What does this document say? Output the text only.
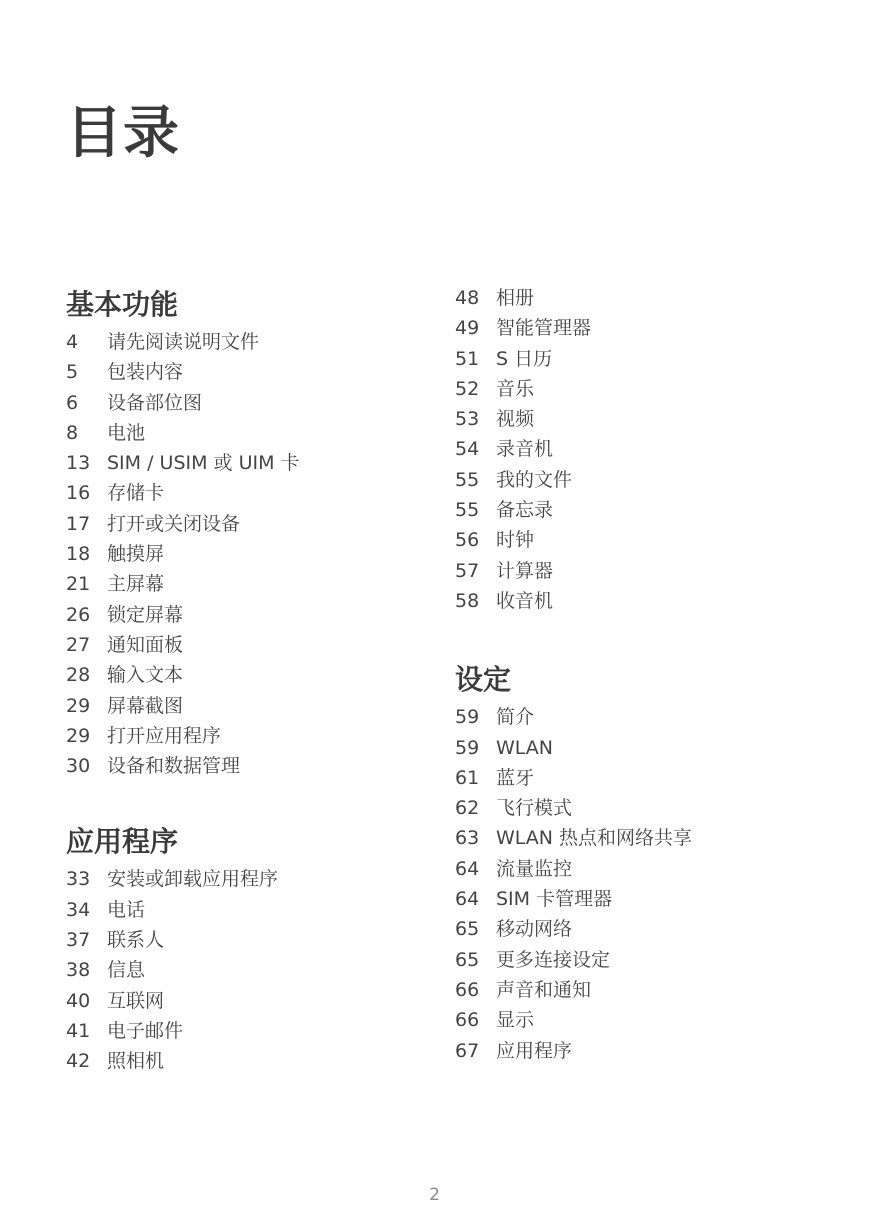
目录
基本功能
4	请先阅读说明文件
5	包装内容
6	设备部位图
8	电池
13 SIM / USIM 或 UIM 卡
16 存储卡
17 打开或关闭设备
18 触摸屏
21 主屏幕
26 锁定屏幕
27 通知面板
28 输入文本
29 屏幕截图
29 打开应用程序
30 设备和数据管理
应用程序
33 安装或卸载应用程序
34 电话
37 联系人
38 信息
40 互联网
41 电子邮件
42 照相机
48 相册
49 智能管理器
51 S 日历
52 音乐
53 视频
54 录音机
55 我的文件
55 备忘录
56 时钟
57 计算器
58 收音机
设定
59 简介
59 WLAN
61 蓝牙
62 飞行模式
63 WLAN 热点和网络共享
64 流量监控
64 SIM 卡管理器
65 移动网络
65 更多连接设定
66 声音和通知
66 显示
67 应用程序
2
